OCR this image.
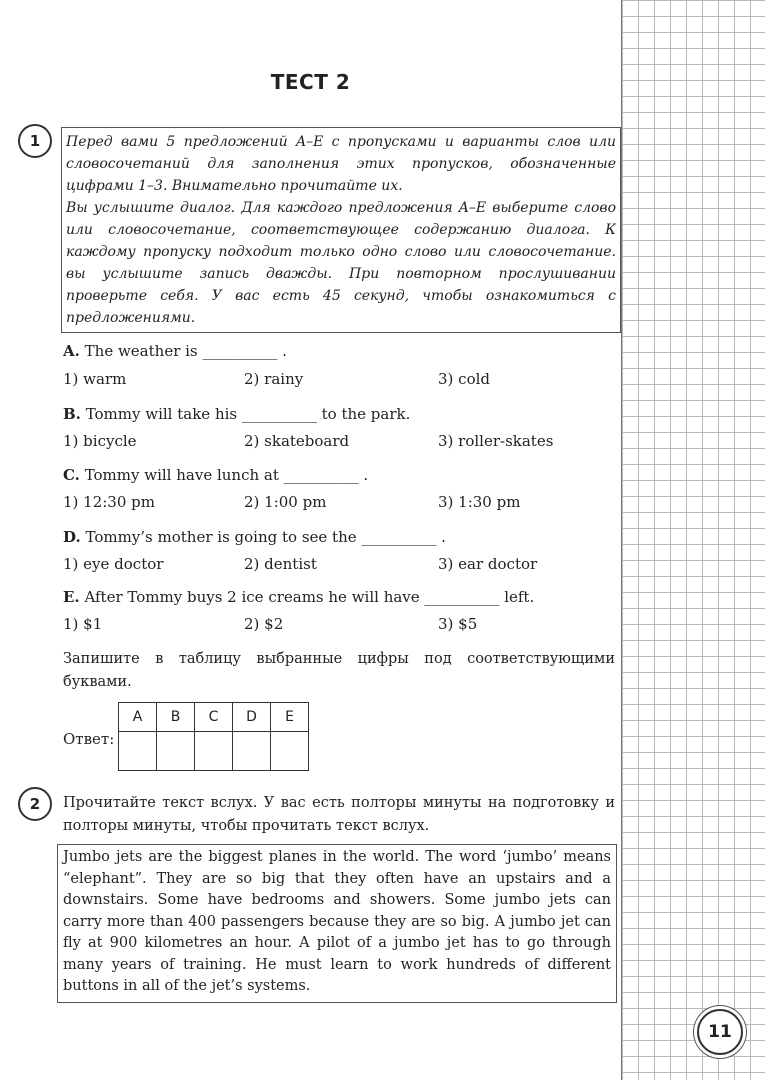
ТЕСТ 2
1	Перед вами 5 предложений A–E с пропусками и варианты слов или словосочетаний для заполнения этих пропусков, обозначенные цифрами 1–3. Внимательно прочитайте их.

Вы услышите диалог. Для каждого предложения A–E выберите слово или словосочетание, соответствующее содержанию диалога. К каждому пропуску подходит только одно слово или словосочетание. вы услышите запись дважды. При повторном прослушивании проверьте себя. У вас есть 45 секунд, чтобы ознакомиться с предложениями.

A. The weather is __________ .
1) warm	2) rainy	3) cold
B. Tommy will take his __________ to the park.
1) bicycle	2) skateboard	3) roller-skates
C. Tommy will have lunch at __________ .
1) 12:30 pm	2) 1:00 pm	3) 1:30 pm
D. Tommy’s mother is going to see the __________ .
1) eye doctor	2) dentist	3) ear doctor
E. After Tommy buys 2 ice creams he will have __________ left.
1) $1	2) $2	3) $5
Запишите в таблицу выбранные цифры под соответствующими буквами.
Ответ:
A	B	C	D	E

2	Прочитайте текст вслух. У вас есть полторы минуты на подготовку и полторы минуты, чтобы прочитать текст вслух.
Jumbo jets are the biggest planes in the world. The word ‘jumbo’ means “elephant”. They are so big that they often have an upstairs and a downstairs. Some have bedrooms and showers. Some jumbo jets can carry more than 400 passengers because they are so big. A jumbo jet can fly at 900 kilometres an hour. A pilot of a jumbo jet has to go through many years of training. He must learn to work hundreds of different buttons in all of the jet’s systems.
11
